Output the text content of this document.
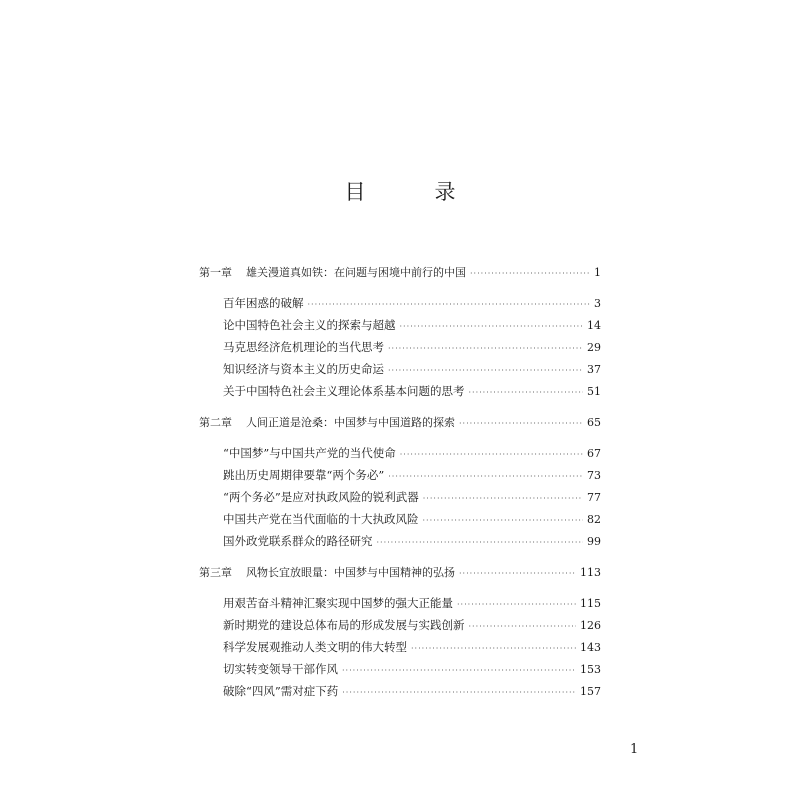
目　录
第一章 雄关漫道真如铁：在问题与困境中前行的中国 ·····	1
百年困惑的破解 ·····	3
论中国特色社会主义的探索与超越 ·····	14
马克思经济危机理论的当代思考 ·····	29
知识经济与资本主义的历史命运 ·····	37
关于中国特色社会主义理论体系基本问题的思考 ·····	51
第二章 人间正道是沧桑：中国梦与中国道路的探索 ·····	65
“中国梦”与中国共产党的当代使命 ·····	67
跳出历史周期律要靠“两个务必” ·····	73
“两个务必”是应对执政风险的锐利武器 ·····	77
中国共产党在当代面临的十大执政风险 ·····	82
国外政党联系群众的路径研究 ·····	99
第三章 风物长宜放眼量：中国梦与中国精神的弘扬 ·····	113
用艰苦奋斗精神汇聚实现中国梦的强大正能量 ·····	115
新时期党的建设总体布局的形成发展与实践创新 ·····	126
科学发展观推动人类文明的伟大转型 ·····	143
切实转变领导干部作风 ·····	153
破除“四风”需对症下药 ·····	157
1
